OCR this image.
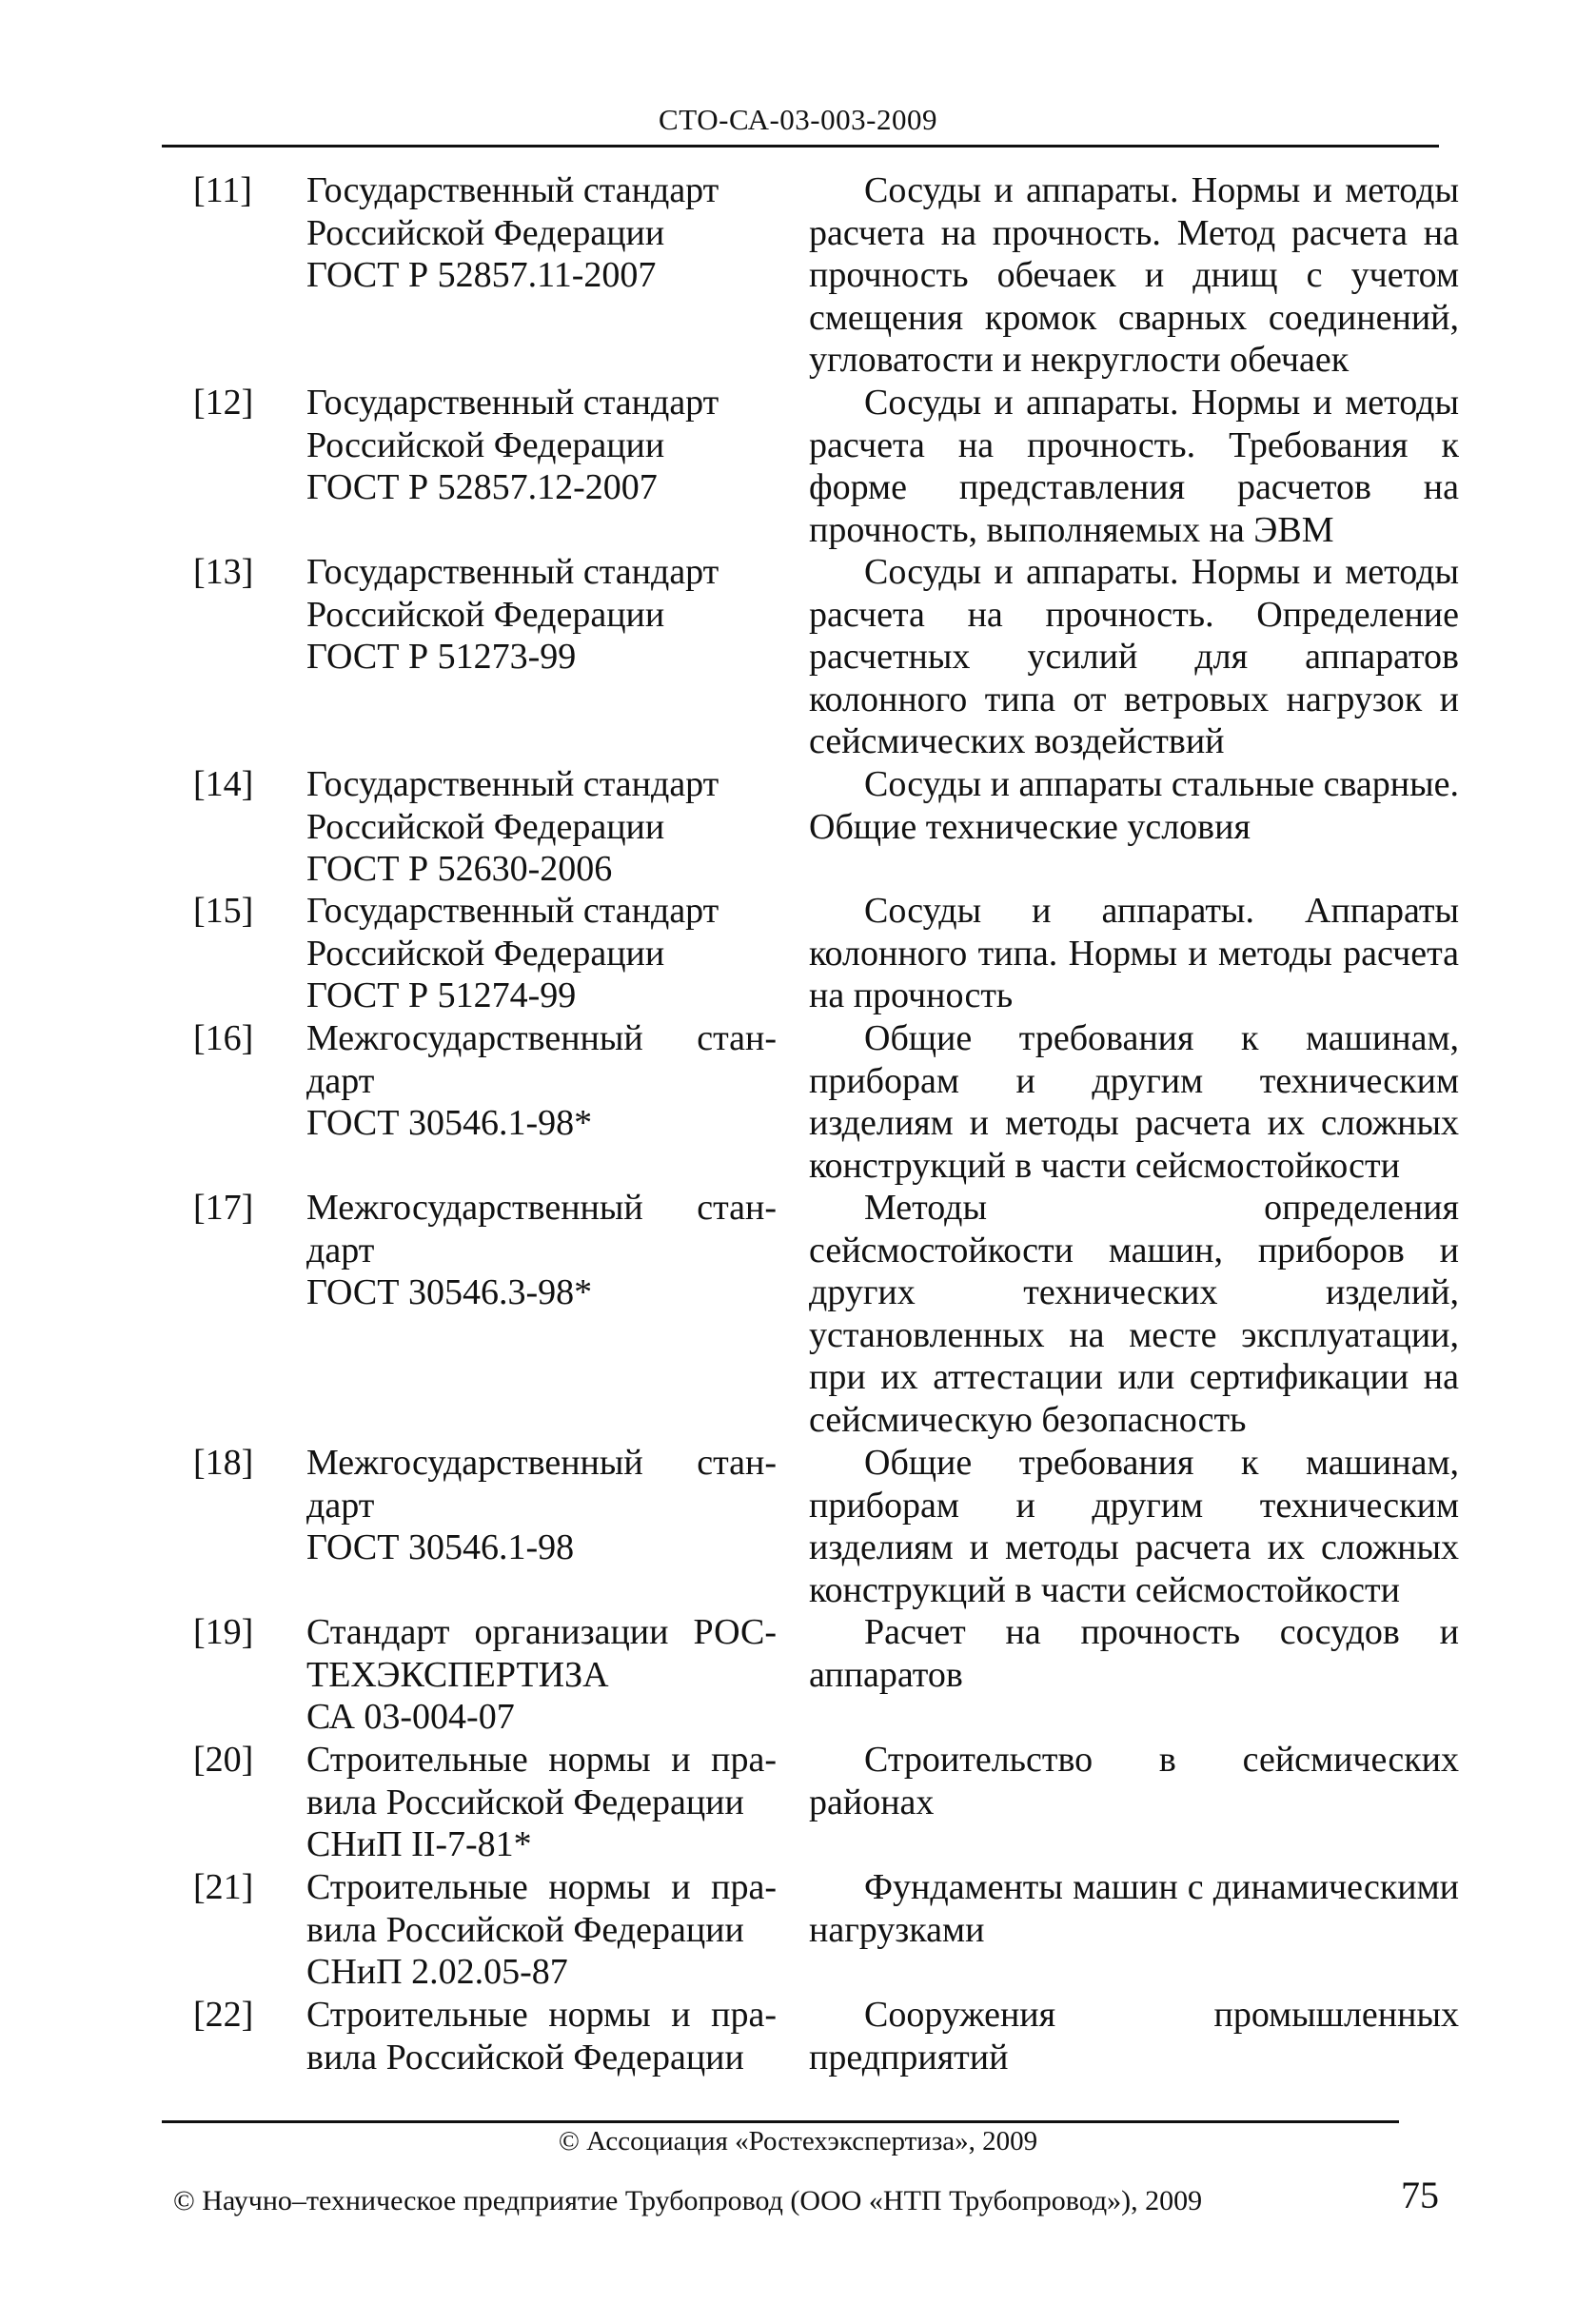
СТО-СА-03-003-2009
[11] Государственный стандарт
Российской Федерации
ГОСТ Р 52857.11-2007

Сосуды и аппараты. Нормы и методы расчета на прочность. Метод расчета на прочность обечаек и днищ с учетом смещения кромок сварных соединений, угловатости и некруглости обечаек

[12] Государственный стандарт
Российской Федерации
ГОСТ Р 52857.12-2007

Сосуды и аппараты. Нормы и методы расчета на прочность. Требования к форме представления расчетов на прочность, выполняемых на ЭВМ

[13] Государственный стандарт
Российской Федерации
ГОСТ Р 51273-99

Сосуды и аппараты. Нормы и методы расчета на прочность. Определение расчетных усилий для аппаратов колонного типа от ветровых нагрузок и сейсмических воздействий

[14] Государственный стандарт
Российской Федерации
ГОСТ Р 52630-2006

Сосуды и аппараты стальные сварные. Общие технические условия

[15] Государственный стандарт
Российской Федерации
ГОСТ Р 51274-99

Сосуды и аппараты. Аппараты колонного типа. Нормы и методы расчета на прочность

[16] Межгосударственный стан-
дарт
ГОСТ 30546.1-98*

Общие требования к машинам, приборам и другим техническим изделиям и методы расчета их сложных конструкций в части сейсмостойкости

[17] Межгосударственный стан-
дарт
ГОСТ 30546.3-98*

Методы определения сейсмостойкости машин, приборов и других технических изделий, установленных на месте эксплуатации, при их аттестации или сертификации на сейсмическую безопасность

[18] Межгосударственный стан-
дарт
ГОСТ 30546.1-98

Общие требования к машинам, приборам и другим техническим изделиям и методы расчета их сложных конструкций в части сейсмостойкости

[19] Стандарт организации РОС-
ТЕХЭКСПЕРТИЗА
СА 03-004-07

Расчет на прочность сосудов и аппаратов

[20] Строительные нормы и пра-
вила Российской Федерации
СНиП II-7-81*

Строительство в сейсмических районах

[21] Строительные нормы и пра-
вила Российской Федерации
СНиП 2.02.05-87

Фундаменты машин с динамическими нагрузками

[22] Строительные нормы и пра-
вила Российской Федерации

Сооружения промышленных предприятий

© Ассоциация «Ростехэкспертиза», 2009
© Научно–техническое предприятие Трубопровод (ООО «НТП Трубопровод»), 2009	75
